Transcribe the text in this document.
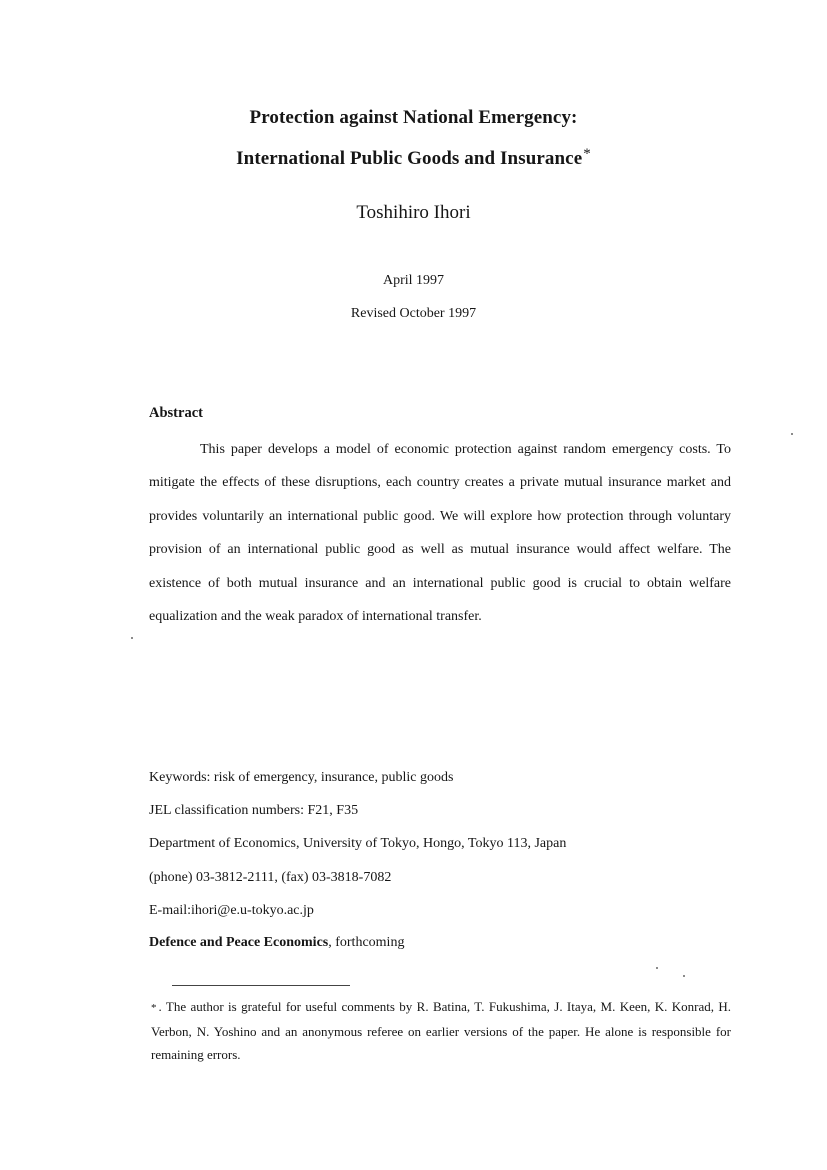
Protection against National Emergency:
International Public Goods and Insurance*
Toshihiro Ihori
April 1997
Revised October 1997
Abstract

This paper develops a model of economic protection against random emergency costs. To mitigate the effects of these disruptions, each country creates a private mutual insurance market and provides voluntarily an international public good. We will explore how protection through voluntary provision of an international public good as well as mutual insurance would affect welfare. The existence of both mutual insurance and an international public good is crucial to obtain welfare equalization and the weak paradox of international transfer.

Keywords: risk of emergency, insurance, public goods
JEL classification numbers: F21, F35
Department of Economics, University of Tokyo, Hongo, Tokyo 113, Japan
(phone) 03-3812-2111, (fax) 03-3818-7082
E-mail:ihori@e.u-tokyo.ac.jp
Defence and Peace Economics, forthcoming

* . The author is grateful for useful comments by R. Batina, T. Fukushima, J. Itaya, M. Keen, K. Konrad, H. Verbon, N. Yoshino and an anonymous referee on earlier versions of the paper. He alone is responsible for remaining errors.
